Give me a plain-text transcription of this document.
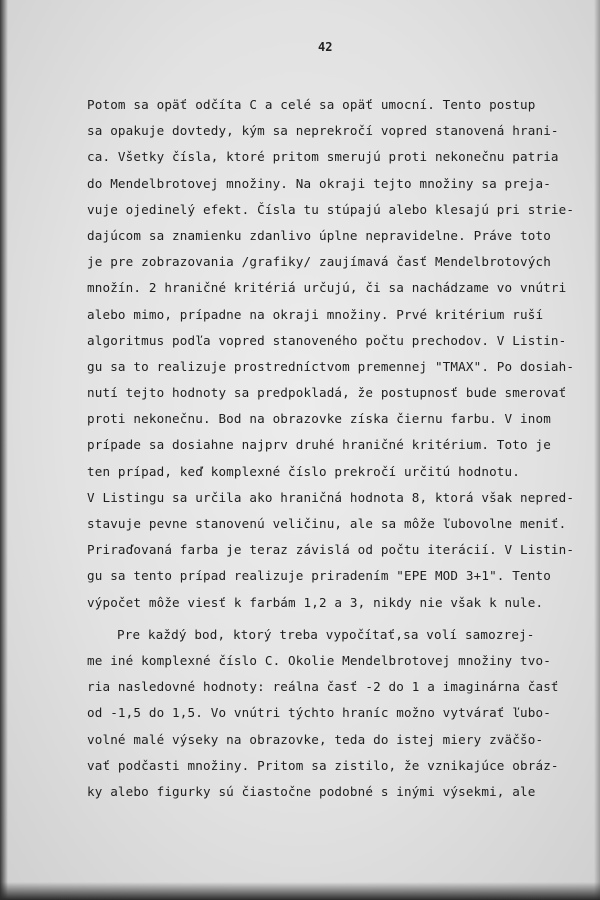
42
Potom sa opäť odčíta C a celé sa opäť umocní. Tento postup
sa opakuje dovtedy, kým sa neprekročí vopred stanovená hrani-
ca. Všetky čísla, ktoré pritom smerujú proti nekonečnu patria
do Mendelbrotovej množiny. Na okraji tejto množiny sa preja-
vuje ojedinelý efekt. Čísla tu stúpajú alebo klesajú pri strie-
dajúcom sa znamienku zdanlivo úplne nepravidelne. Práve toto
je pre zobrazovania /grafiky/ zaujímavá časť Mendelbrotových
množín. 2 hraničné kritériá určujú, či sa nachádzame vo vnútri
alebo mimo, prípadne na okraji množiny. Prvé kritérium ruší
algoritmus podľa vopred stanoveného počtu prechodov. V Listin-
gu sa to realizuje prostredníctvom premennej "TMAX". Po dosiah-
nutí tejto hodnoty sa predpokladá, že postupnosť bude smerovať
proti nekonečnu. Bod na obrazovke získa čiernu farbu. V inom
prípade sa dosiahne najprv druhé hraničné kritérium. Toto je
ten prípad, keď komplexné číslo prekročí určitú hodnotu.
V Listingu sa určila ako hraničná hodnota 8, ktorá však nepred-
stavuje pevne stanovenú veličinu, ale sa môže ľubovolne meniť.
Priraďovaná farba je teraz závislá od počtu iterácií. V Listin-
gu sa tento prípad realizuje priradením "EPE MOD 3+1". Tento
výpočet môže viesť k farbám 1,2 a 3, nikdy nie však k nule.
Pre každý bod, ktorý treba vypočítať,sa volí samozrej-
me iné komplexné číslo C. Okolie Mendelbrotovej množiny tvo-
ria nasledovné hodnoty: reálna časť -2 do 1 a imaginárna časť
od -1,5 do 1,5. Vo vnútri týchto hraníc možno vytvárať ľubo-
volné malé výseky na obrazovke, teda do istej miery zväčšo-
vať podčasti množiny. Pritom sa zistilo, že vznikajúce obráz-
ky alebo figurky sú čiastočne podobné s inými výsekmi, ale
